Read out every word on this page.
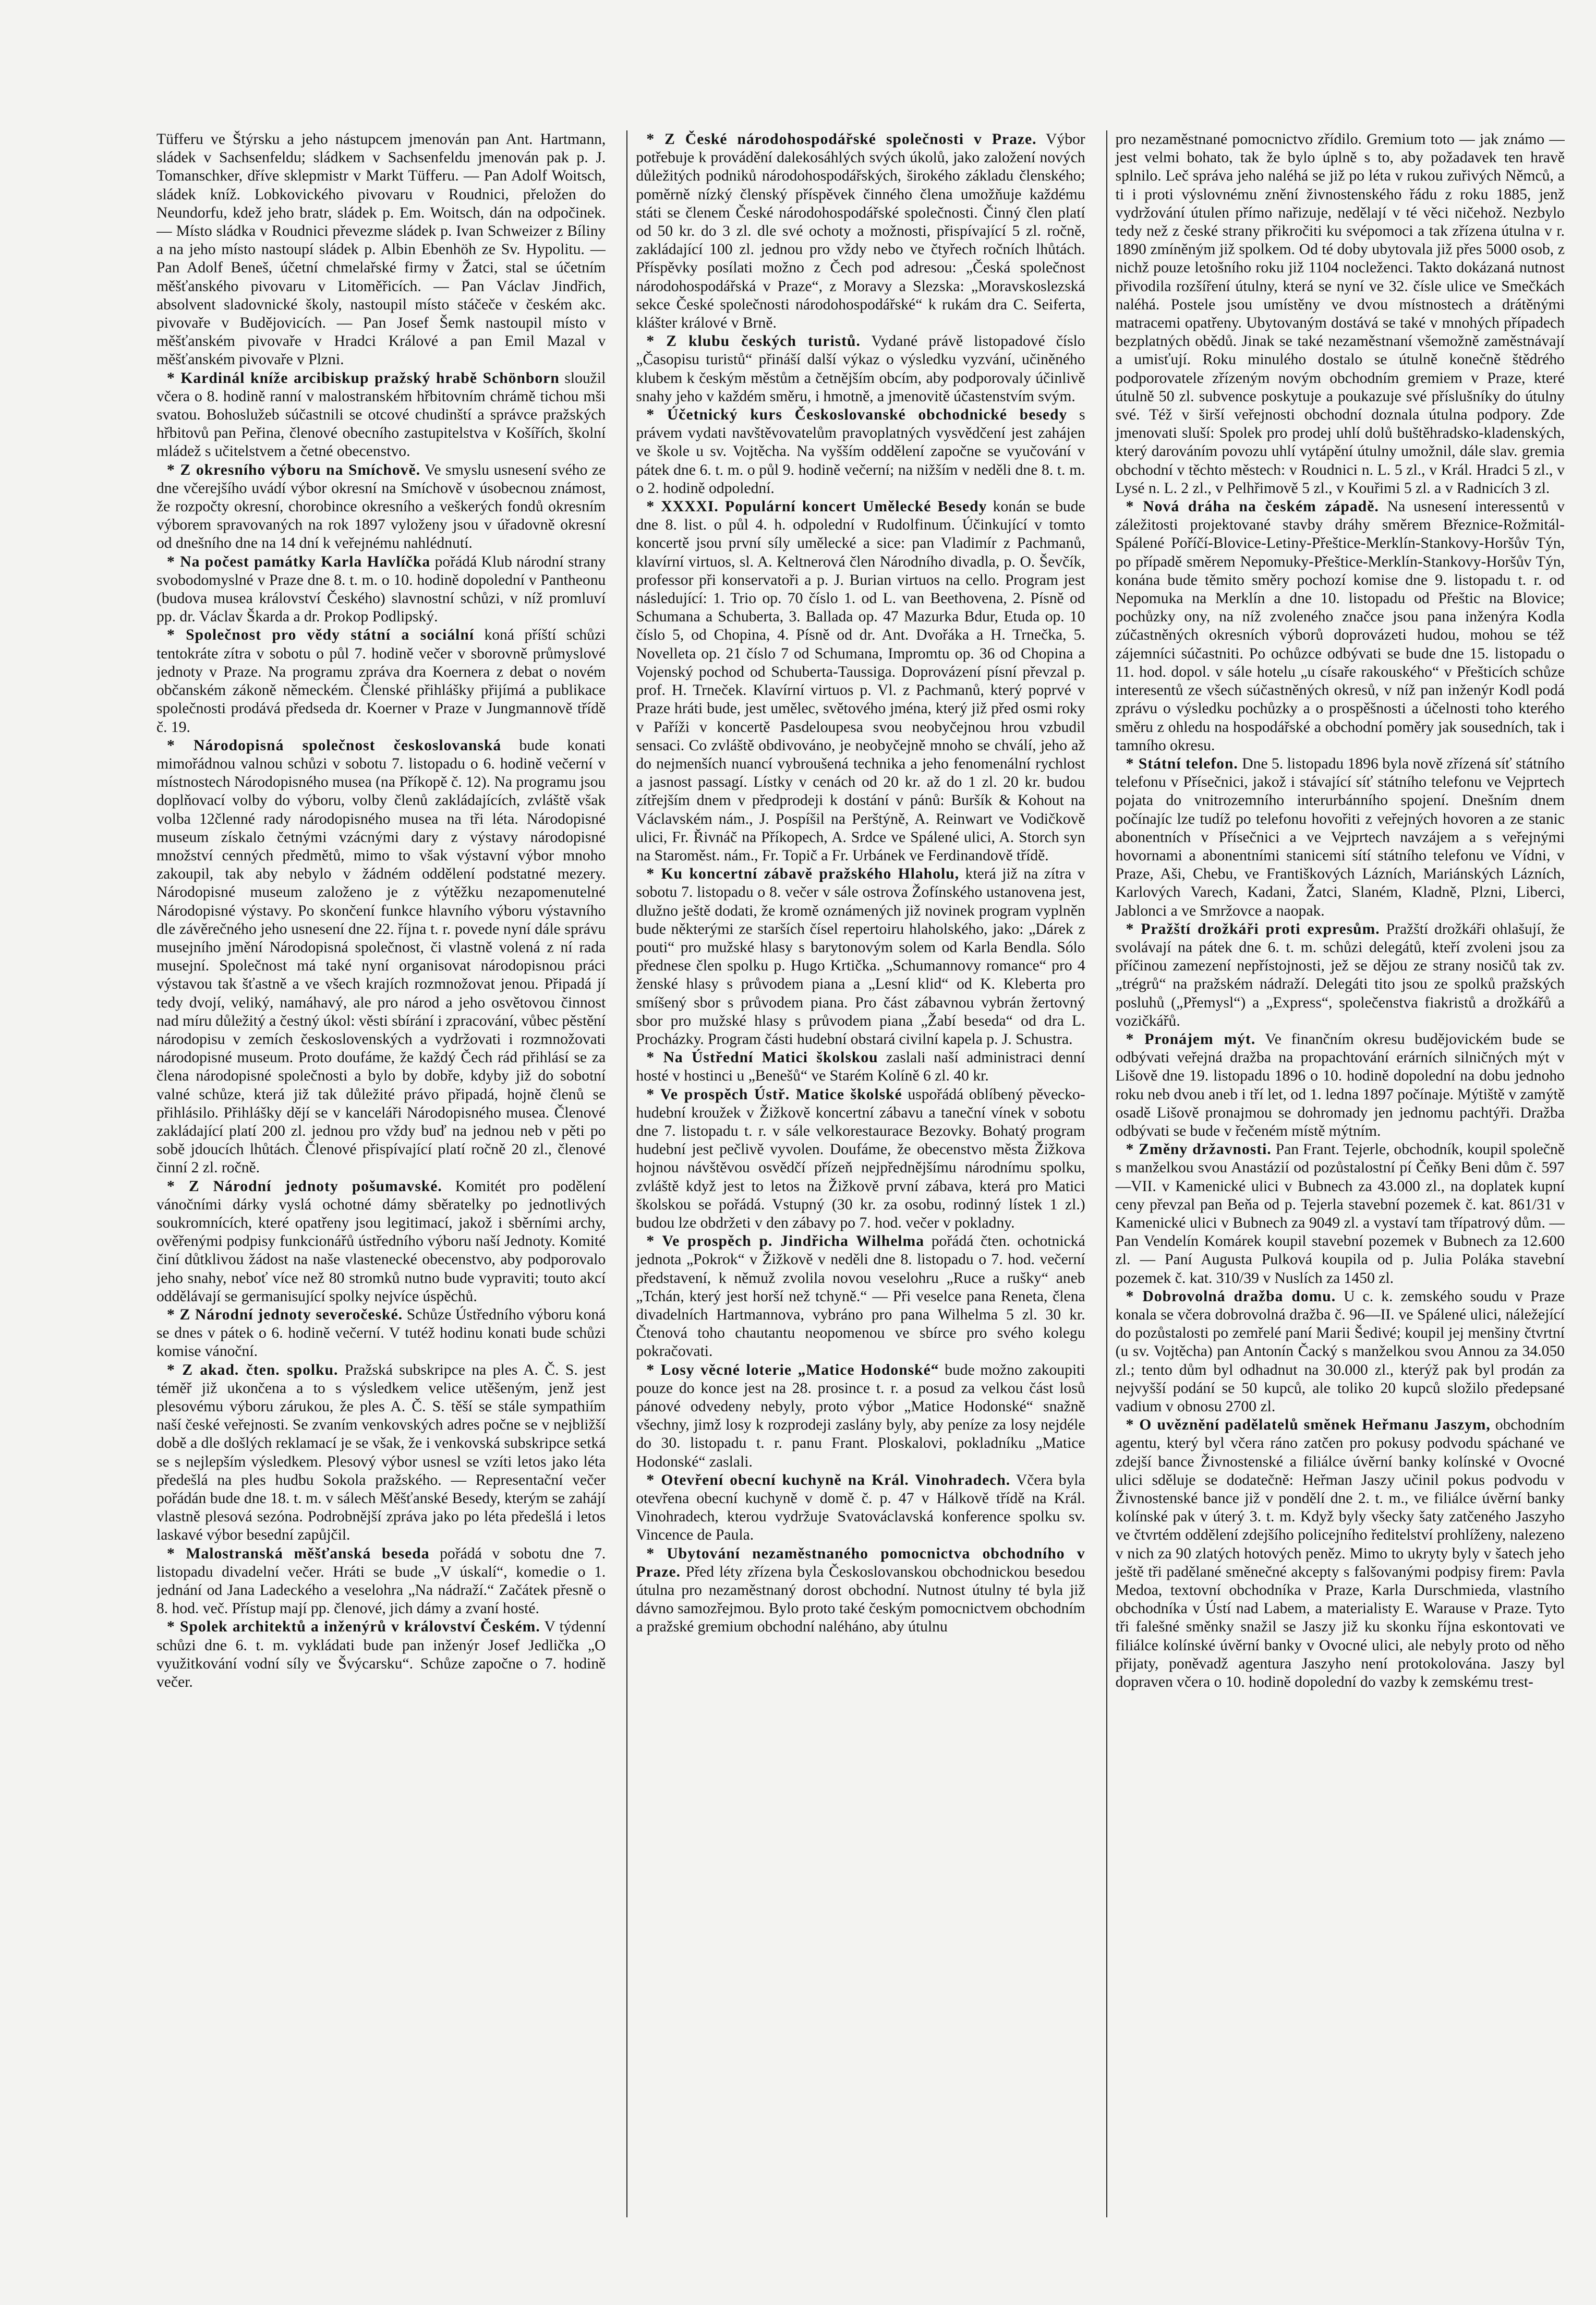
Tüfferu ve Štýrsku a jeho nástupcem jmenován pan Ant. Hartmann, sládek v Sachsenfeldu; sládkem v Sachsenfeldu jmenován pak p. J. Tomanschker, dříve sklepmistr v Markt Tüfferu. — Pan Adolf Woitsch, sládek kníž. Lobkovického pivovaru v Roudnici, přeložen do Neundorfu, kdež jeho bratr, sládek p. Em. Woitsch, dán na odpočinek. — Místo sládka v Roudnici převezme sládek p. Ivan Schweizer z Bíliny a na jeho místo nastoupí sládek p. Albin Ebenhöh ze Sv. Hypolitu. — Pan Adolf Beneš, účetní chmelařské firmy v Žatci, stal se účetním měšťanského pivovaru v Litoměřicích. — Pan Václav Jindřich, absolvent sladovnické školy, nastoupil místo stáčeče v českém akc. pivovaře v Budějovicích. — Pan Josef Šemk nastoupil místo v měšťanském pivovaře v Hradci Králové a pan Emil Mazal v měšťanském pivovaře v Plzni.

* Kardinál kníže arcibiskup pražský hrabě Schönborn sloužil včera o 8. hodině ranní v malostranském hřbitovním chrámě tichou mši svatou. Bohoslužeb súčastnili se otcové chudinští a správce pražských hřbitovů pan Peřina, členové obecního zastupitelstva v Košířích, školní mládež s učitelstvem a četné obecenstvo.

* Z okresního výboru na Smíchově. Ve smyslu usnesení svého ze dne včerejšího uvádí výbor okresní na Smíchově v úsobecnou známost, že rozpočty okresní, chorobince okresního a veškerých fondů okresním výborem spravovaných na rok 1897 vyloženy jsou v úřadovně okresní od dnešního dne na 14 dní k veřejnému nahlédnutí.

* Na počest památky Karla Havlíčka pořádá Klub národní strany svobodomyslné v Praze dne 8. t. m. o 10. hodině dopolední v Pantheonu (budova musea království Českého) slavnostní schůzi, v níž promluví pp. dr. Václav Škarda a dr. Prokop Podlipský.

* Společnost pro vědy státní a sociální koná příští schůzi tentokráte zítra v sobotu o půl 7. hodině večer v sborovně průmyslové jednoty v Praze. Na programu zpráva dra Koernera z debat o novém občanském zákoně německém. Členské přihlášky přijímá a publikace společnosti prodává předseda dr. Koerner v Praze v Jungmannově třídě č. 19.

* Národopisná společnost českoslovanská bude konati mimořádnou valnou schůzi v sobotu 7. listopadu o 6. hodině večerní v místnostech Národopisného musea (na Příkopě č. 12). Na programu jsou doplňovací volby do výboru, volby členů zakládajících, zvláště však volba 12členné rady národopisného musea na tři léta. Národopisné museum získalo četnými vzácnými dary z výstavy národopisné množství cenných předmětů, mimo to však výstavní výbor mnoho zakoupil, tak aby nebylo v žádném oddělení podstatné mezery. Národopisné museum založeno je z výtěžku nezapomenutelné Národopisné výstavy. Po skončení funkce hlavního výboru výstavního dle závěrečného jeho usnesení dne 22. října t. r. povede nyní dále správu musejního jmění Národopisná společnost, či vlastně volená z ní rada musejní. Společnost má také nyní organisovat národopisnou práci výstavou tak šťastně a ve všech krajích rozmnožovat jenou. Připadá jí tedy dvojí, veliký, namáhavý, ale pro národ a jeho osvětovou činnost nad míru důležitý a čestný úkol: věsti sbírání i zpracování, vůbec pěstění národopisu v zemích československých a vydržovati i rozmnožovati národopisné museum. Proto doufáme, že každý Čech rád přihlásí se za člena národopisné společnosti a bylo by dobře, kdyby již do sobotní valné schůze, která již tak důležité právo připadá, hojně členů se přihlásilo. Přihlášky dějí se v kanceláři Národopisného musea. Členové zakládající platí 200 zl. jednou pro vždy buď na jednou neb v pěti po sobě jdoucích lhůtách. Členové přispívající platí ročně 20 zl., členové činní 2 zl. ročně.

* Z Národní jednoty pošumavské. Komitét pro podělení vánočními dárky vyslá ochotné dámy sběratelky po jednotlivých soukromnících, které opatřeny jsou legitimací, jakož i sběrními archy, ověřenými podpisy funkcionářů ústředního výboru naší Jednoty. Komité činí důtklivou žádost na naše vlastenecké obecenstvo, aby podporovalo jeho snahy, neboť více než 80 stromků nutno bude vypraviti; touto akcí oddělávají se germanisující spolky nejvíce úspěchů.

* Z Národní jednoty severočeské. Schůze Ústředního výboru koná se dnes v pátek o 6. hodině večerní. V tutéž hodinu konati bude schůzi komise vánoční.

* Z akad. čten. spolku. Pražská subskripce na ples A. Č. S. jest téměř již ukončena a to s výsledkem velice utěšeným, jenž jest plesovému výboru zárukou, že ples A. Č. S. těší se stále sympathiím naší české veřejnosti. Se zvaním venkovských adres počne se v nejbližší době a dle došlých reklamací je se však, že i venkovská subskripce setká se s nejlepším výsledkem. Plesový výbor usnesl se vzíti letos jako léta předešlá na ples hudbu Sokola pražského. — Representační večer pořádán bude dne 18. t. m. v sálech Měšťanské Besedy, kterým se zahájí vlastně plesová sezóna. Podrobnější zpráva jako po léta předešlá i letos laskavé výbor besední zapůjčil.

* Malostranská měšťanská beseda pořádá v sobotu dne 7. listopadu divadelní večer. Hráti se bude „V úskalí“, komedie o 1. jednání od Jana Ladeckého a veselohra „Na nádraží.“ Začátek přesně o 8. hod. več. Přístup mají pp. členové, jich dámy a zvaní hosté.

* Spolek architektů a inženýrů v království Českém. V týdenní schůzi dne 6. t. m. vykládati bude pan inženýr Josef Jedlička „O využitkování vodní síly ve Švýcarsku“. Schůze započne o 7. hodině večer.

* Z České národohospodářské společnosti v Praze. Výbor potřebuje k provádění dalekosáhlých svých úkolů, jako založení nových důležitých podniků národohospodářských, širokého základu členského; poměrně nízký členský příspěvek činného člena umožňuje každému státi se členem České národohospodářské společnosti. Činný člen platí od 50 kr. do 3 zl. dle své ochoty a možnosti, přispívající 5 zl. ročně, zakládající 100 zl. jednou pro vždy nebo ve čtyřech ročních lhůtách. Příspěvky posílati možno z Čech pod adresou: „Česká společnost národohospodářská v Praze“, z Moravy a Slezska: „Moravskoslezská sekce České společnosti národohospodářské“ k rukám dra C. Seiferta, klášter králové v Brně.

* Z klubu českých turistů. Vydané právě listopadové číslo „Časopisu turistů“ přináší další výkaz o výsledku vyzvání, učiněného klubem k českým městům a četnějším obcím, aby podporovaly účinlivě snahy jeho v každém směru, i hmotně, a jmenovitě účastenstvím svým.

* Účetnický kurs Českoslovanské obchodnické besedy s právem vydati navštěvovatelům pravoplatných vysvědčení jest zahájen ve škole u sv. Vojtěcha. Na vyšším oddělení započne se vyučování v pátek dne 6. t. m. o půl 9. hodině večerní; na nižším v neděli dne 8. t. m. o 2. hodině odpolední.

* XXXXI. Populární koncert Umělecké Besedy konán se bude dne 8. list. o půl 4. h. odpolední v Rudolfinum. Účinkující v tomto koncertě jsou první síly umělecké a sice: pan Vladimír z Pachmanů, klavírní virtuos, sl. A. Keltnerová člen Národního divadla, p. O. Ševčík, professor při konservatoři a p. J. Burian virtuos na cello. Program jest následující: 1. Trio op. 70 číslo 1. od L. van Beethovena, 2. Písně od Schumana a Schuberta, 3. Ballada op. 47 Mazurka Bdur, Etuda op. 10 číslo 5, od Chopina, 4. Písně od dr. Ant. Dvořáka a H. Trnečka, 5. Novelleta op. 21 číslo 7 od Schumana, Impromtu op. 36 od Chopina a Vojenský pochod od Schuberta-Taussiga. Doprovázení písní převzal p. prof. H. Trneček. Klavírní virtuos p. Vl. z Pachmanů, který poprvé v Praze hráti bude, jest umělec, světového jména, který již před osmi roky v Paříži v koncertě Pasdeloupesa svou neobyčejnou hrou vzbudil sensaci. Co zvláště obdivováno, je neobyčejně mnoho se chválí, jeho až do nejmenších nuancí vybroušená technika a jeho fenomenální rychlost a jasnost passagí. Lístky v cenách od 20 kr. až do 1 zl. 20 kr. budou zítřejším dnem v předprodeji k dostání v pánů: Buršík & Kohout na Václavském nám., J. Pospíšil na Perštýně, A. Reinwart ve Vodičkově ulici, Fr. Řivnáč na Příkopech, A. Srdce ve Spálené ulici, A. Storch syn na Staroměst. nám., Fr. Topič a Fr. Urbánek ve Ferdinandově třídě.

* Ku koncertní zábavě pražského Hlaholu, která již na zítra v sobotu 7. listopadu o 8. večer v sále ostrova Žofínského ustanovena jest, dlužno ještě dodati, že kromě oznámených již novinek program vyplněn bude některými ze starších čísel repertoiru hlaholského, jako: „Dárek z pouti“ pro mužské hlasy s barytonovým solem od Karla Bendla. Sólo přednese člen spolku p. Hugo Krtička. „Schumannovy romance“ pro 4 ženské hlasy s průvodem piana a „Lesní klid“ od K. Kleberta pro smíšený sbor s průvodem piana. Pro část zábavnou vybrán žertovný sbor pro mužské hlasy s průvodem piana „Žabí beseda“ od dra L. Procházky. Program části hudební obstará civilní kapela p. J. Schustra.

* Na Ústřední Matici školskou zaslali naší administraci denní hosté v hostinci u „Benešů“ ve Starém Kolíně 6 zl. 40 kr.

* Ve prospěch Ústř. Matice školské uspořádá oblíbený pěvecko-hudební kroužek v Žižkově koncertní zábavu a taneční vínek v sobotu dne 7. listopadu t. r. v sále velkorestaurace Bezovky. Bohatý program hudební jest pečlivě vyvolen. Doufáme, že obecenstvo města Žižkova hojnou návštěvou osvědčí přízeň nejpřednějšímu národnímu spolku, zvláště když jest to letos na Žižkově první zábava, která pro Matici školskou se pořádá. Vstupný (30 kr. za osobu, rodinný lístek 1 zl.) budou lze obdržeti v den zábavy po 7. hod. večer v pokladny.

* Ve prospěch p. Jindřicha Wilhelma pořádá čten. ochotnická jednota „Pokrok“ v Žižkově v neděli dne 8. listopadu o 7. hod. večerní představení, k němuž zvolila novou veselohru „Ruce a rušky“ aneb „Tchán, který jest horší než tchyně.“ — Při veselce pana Reneta, člena divadelních Hartmannova, vybráno pro pana Wilhelma 5 zl. 30 kr. Čtenová toho chautantu neopomenou ve sbírce pro svého kolegu pokračovati.

* Losy věcné loterie „Matice Hodonské“ bude možno zakoupiti pouze do konce jest na 28. prosince t. r. a posud za velkou část losů pánové odvedeny nebyly, proto výbor „Matice Hodonské“ snažně všechny, jimž losy k rozprodeji zaslány byly, aby peníze za losy nejdéle do 30. listopadu t. r. panu Frant. Ploskalovi, pokladníku „Matice Hodonské“ zaslali.

* Otevření obecní kuchyně na Král. Vinohradech. Včera byla otevřena obecní kuchyně v domě č. p. 47 v Hálkově třídě na Král. Vinohradech, kterou vydržuje Svatováclavská konference spolku sv. Vincence de Paula.

* Ubytování nezaměstnaného pomocnictva obchodního v Praze. Před léty zřízena byla Českoslovanskou obchodnickou besedou útulna pro nezaměstnaný dorost obchodní. Nutnost útulny té byla již dávno samozřejmou. Bylo proto také českým pomocnictvem obchodním a pražské gremium obchodní naléháno, aby útulnu

pro nezaměstnané pomocnictvo zřídilo. Gremium toto — jak známo — jest velmi bohato, tak že bylo úplně s to, aby požadavek ten hravě splnilo. Leč správa jeho naléhá se již po léta v rukou zuřivých Němců, a ti i proti výslovnému znění živnostenského řádu z roku 1885, jenž vydržování útulen přímo nařizuje, nedělají v té věci ničehož. Nezbylo tedy než z české strany přikročiti ku svépomoci a tak zřízena útulna v r. 1890 zmíněným již spolkem. Od té doby ubytovala již přes 5000 osob, z nichž pouze letošního roku již 1104 nocleženci. Takto dokázaná nutnost přivodila rozšíření útulny, která se nyní ve 32. čísle ulice ve Smečkách naléhá. Postele jsou umístěny ve dvou místnostech a drátěnými matracemi opatřeny. Ubytovaným dostává se také v mnohých případech bezplatných obědů. Jinak se také nezaměstnaní všemožně zaměstnávají a umisťují. Roku minulého dostalo se útulně konečně štědrého podporovatele zřízeným novým obchodním gremiem v Praze, které útulně 50 zl. subvence poskytuje a poukazuje své příslušníky do útulny své. Též v širší veřejnosti obchodní doznala útulna podpory. Zde jmenovati sluší: Spolek pro prodej uhlí dolů buštěhradsko-kladenských, který darováním povozu uhlí vytápění útulny umožnil, dále slav. gremia obchodní v těchto městech: v Roudnici n. L. 5 zl., v Král. Hradci 5 zl., v Lysé n. L. 2 zl., v Pelhřimově 5 zl., v Kouřimi 5 zl. a v Radnicích 3 zl.

* Nová dráha na českém západě. Na usnesení interessentů v záležitosti projektované stavby dráhy směrem Březnice-Rožmitál-Spálené Poříčí-Blovice-Letiny-Přeštice-Merklín-Stankovy-Horšův Týn, po případě směrem Nepomuky-Přeštice-Merklín-Stankovy-Horšův Týn, konána bude těmito směry pochozí komise dne 9. listopadu t. r. od Nepomuka na Merklín a dne 10. listopadu od Přeštic na Blovice; pochůzky ony, na níž zvoleného značce jsou pana inženýra Kodla zúčastněných okresních výborů doprovázeti hudou, mohou se též zájemníci súčastniti. Po ochůzce odbývati se bude dne 15. listopadu o 11. hod. dopol. v sále hotelu „u císaře rakouského“ v Přešticích schůze interesentů ze všech súčastněných okresů, v níž pan inženýr Kodl podá zprávu o výsledku pochůzky a o prospěšnosti a účelnosti toho kterého směru z ohledu na hospodářské a obchodní poměry jak sousedních, tak i tamního okresu.

* Státní telefon. Dne 5. listopadu 1896 byla nově zřízená síť státního telefonu v Přísečnici, jakož i stávající síť státního telefonu ve Vejprtech pojata do vnitrozemního interurbánního spojení. Dnešním dnem počínajíc lze tudíž po telefonu hovořiti z veřejných hovoren a ze stanic abonentních v Přísečnici a ve Vejprtech navzájem a s veřejnými hovornami a abonentními stanicemi sítí státního telefonu ve Vídni, v Praze, Aši, Chebu, ve Františkových Lázních, Mariánských Lázních, Karlových Varech, Kadani, Žatci, Slaném, Kladně, Plzni, Liberci, Jablonci a ve Smržovce a naopak.

* Pražští drožkáři proti expresům. Pražští drožkáři ohlašují, že svolávají na pátek dne 6. t. m. schůzi delegátů, kteří zvoleni jsou za příčinou zamezení nepřístojnosti, jež se dějou ze strany nosičů tak zv. „trégrů“ na pražském nádraží. Delegáti tito jsou ze spolků pražských posluhů („Přemysl“) a „Express“, společenstva fiakristů a drožkářů a vozičkářů.

* Pronájem mýt. Ve finančním okresu budějovickém bude se odbývati veřejná dražba na propachtování erárních silničných mýt v Lišově dne 19. listopadu 1896 o 10. hodině dopolední na dobu jednoho roku neb dvou aneb i tří let, od 1. ledna 1897 počínaje. Mýtiště v zamýtě osadě Lišově pronajmou se dohromady jen jednomu pachtýři. Dražba odbývati se bude v řečeném místě mýtním.

* Změny državnosti. Pan Frant. Tejerle, obchodník, koupil společně s manželkou svou Anastázií od pozůstalostní pí Čeňky Beni dům č. 597—VII. v Kamenické ulici v Bubnech za 43.000 zl., na doplatek kupní ceny převzal pan Beňa od p. Tejerla stavební pozemek č. kat. 861/31 v Kamenické ulici v Bubnech za 9049 zl. a vystaví tam třípatrový dům. — Pan Vendelín Komárek koupil stavební pozemek v Bubnech za 12.600 zl. — Paní Augusta Pulková koupila od p. Julia Poláka stavební pozemek č. kat. 310/39 v Nuslích za 1450 zl.

* Dobrovolná dražba domu. U c. k. zemského soudu v Praze konala se včera dobrovolná dražba č. 96—II. ve Spálené ulici, náležející do pozůstalosti po zemřelé paní Marii Šedivé; koupil jej menšiny čtvrtní (u sv. Vojtěcha) pan Antonín Čacký s manželkou svou Annou za 34.050 zl.; tento dům byl odhadnut na 30.000 zl., kterýž pak byl prodán za nejvyšší podání se 50 kupců, ale toliko 20 kupců složilo předepsané vadium v obnosu 2700 zl.

* O uvěznění padělatelů směnek Heřmanu Jaszym, obchodním agentu, který byl včera ráno zatčen pro pokusy podvodu spáchané ve zdejší bance Živnostenské a filiálce úvěrní banky kolínské v Ovocné ulici sděluje se dodatečně: Heřman Jaszy učinil pokus podvodu v Živnostenské bance již v pondělí dne 2. t. m., ve filiálce úvěrní banky kolínské pak v úterý 3. t. m. Když byly všecky šaty zatčeného Jaszyho ve čtvrtém oddělení zdejšího policejního ředitelství prohlíženy, nalezeno v nich za 90 zlatých hotových peněz. Mimo to ukryty byly v šatech jeho ještě tři padělané směnečné akcepty s falšovanými podpisy firem: Pavla Medoa, textovní obchodníka v Praze, Karla Durschmieda, vlastního obchodníka v Ústí nad Labem, a materialisty E. Warause v Praze. Tyto tři falešné směnky snažil se Jaszy již ku skonku října eskontovati ve filiálce kolínské úvěrní banky v Ovocné ulici, ale nebyly proto od něho přijaty, poněvadž agentura Jaszyho není protokolována. Jaszy byl dopraven včera o 10. hodině dopolední do vazby k zemskému trest-
